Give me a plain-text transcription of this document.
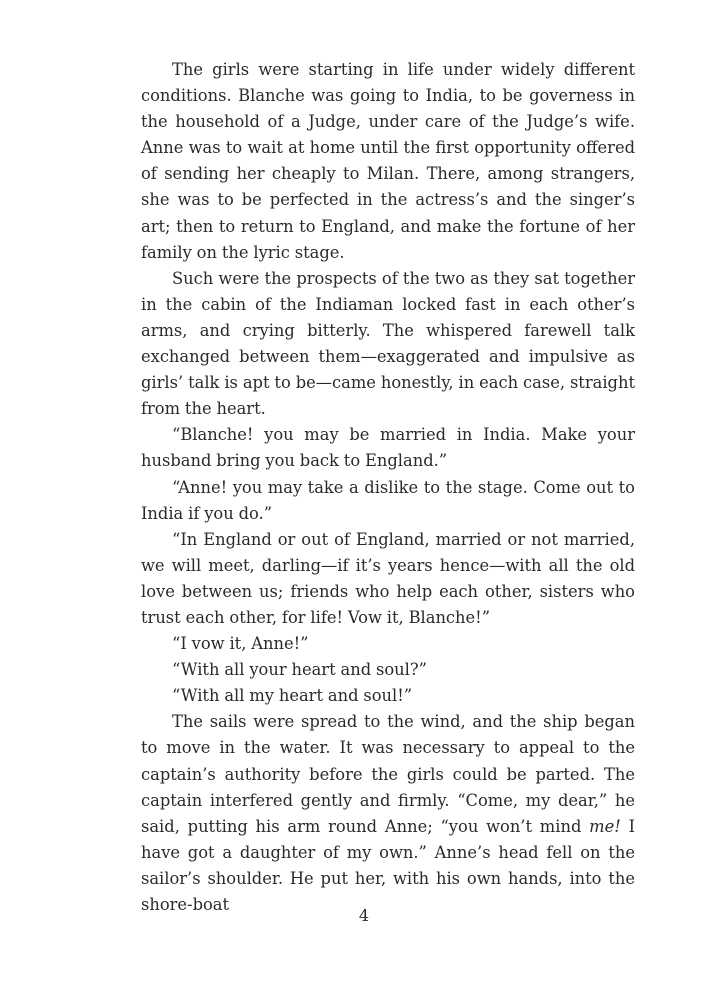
The girls were starting in life under widely different conditions. Blanche was going to India, to be governess in the household of a Judge, under care of the Judge’s wife. Anne was to wait at home until the first opportunity offered of sending her cheaply to Milan. There, among strangers, she was to be perfected in the actress’s and the singer’s art; then to return to England, and make the fortune of her family on the lyric stage.

Such were the prospects of the two as they sat together in the cabin of the Indiaman locked fast in each other’s arms, and crying bitterly. The whispered farewell talk exchanged between them—exaggerated and impulsive as girls’ talk is apt to be—came honestly, in each case, straight from the heart.

“Blanche! you may be married in India. Make your husband bring you back to England.”

“Anne! you may take a dislike to the stage. Come out to India if you do.”

“In England or out of England, married or not married, we will meet, darling—if it’s years hence—with all the old love between us; friends who help each other, sisters who trust each other, for life! Vow it, Blanche!”

“I vow it, Anne!”

“With all your heart and soul?”

“With all my heart and soul!”

The sails were spread to the wind, and the ship began to move in the water. It was necessary to appeal to the captain’s authority before the girls could be parted. The captain interfered gently and firmly. “Come, my dear,” he said, putting his arm round Anne; “you won’t mind me! I have got a daughter of my own.” Anne’s head fell on the sailor’s shoulder. He put her, with his own hands, into the shore-boat

4
